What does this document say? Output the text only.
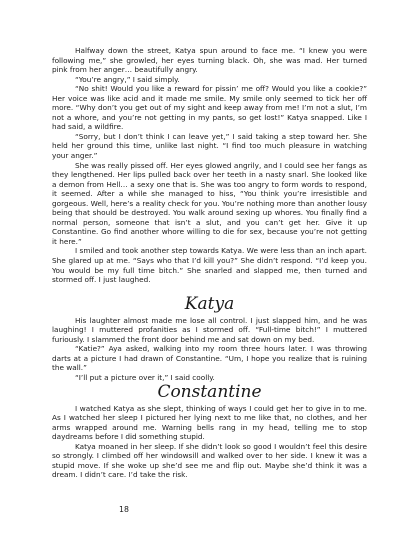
Halfway down the street, Katya spun around to face me. “I knew you were following me,” she growled, her eyes turning black. Oh, she was mad. Her turned pink from her anger… beautifully angry.

“You’re angry,” I said simply.

“No shit! Would you like a reward for pissin’ me off? Would you like a cookie?” Her voice was like acid and it made me smile. My smile only seemed to tick her off more. “Why don’t you get out of my sight and keep away from me! I’m not a slut, I’m not a whore, and you’re not getting in my pants, so get lost!” Katya snapped. Like I had said, a wildfire.

“Sorry, but I don’t think I can leave yet,” I said taking a step toward her. She held her ground this time, unlike last night. “I find too much pleasure in watching your anger.”

She was really pissed off. Her eyes glowed angrily, and I could see her fangs as they lengthened. Her lips pulled back over her teeth in a nasty snarl. She looked like a demon from Hell… a sexy one that is. She was too angry to form words to respond, it seemed. After a while she managed to hiss, “You think you’re irresistible and gorgeous. Well, here’s a reality check for you. You’re nothing more than another lousy being that should be destroyed. You walk around sexing up whores. You finally find a normal person, someone that isn’t a slut, and you can’t get her. Give it up Constantine. Go find another whore willing to die for sex, because you’re not getting it here.”

I smiled and took another step towards Katya. We were less than an inch apart. She glared up at me. “Says who that I’d kill you?” She didn’t respond. “I’d keep you. You would be my full time bitch.” She snarled and slapped me, then turned and stormed off. I just laughed.

Katya

His laughter almost made me lose all control. I just slapped him, and he was laughing! I muttered profanities as I stormed off. “Full-time bitch!” I muttered furiously. I slammed the front door behind me and sat down on my bed.

“Katie?” Aya asked, walking into my room three hours later. I was throwing darts at a picture I had drawn of Constantine. “Um, I hope you realize that is ruining the wall.”

“I’ll put a picture over it,” I said coolly.

Constantine

I watched Katya as she slept, thinking of ways I could get her to give in to me. As I watched her sleep I pictured her lying next to me like that, no clothes, and her arms wrapped around me. Warning bells rang in my head, telling me to stop daydreams before I did something stupid.

Katya moaned in her sleep. If she didn’t look so good I wouldn’t feel this desire so strongly. I climbed off her windowsill and walked over to her side. I knew it was a stupid move. If she woke up she’d see me and flip out. Maybe she’d think it was a dream. I didn’t care. I’d take the risk.

18
